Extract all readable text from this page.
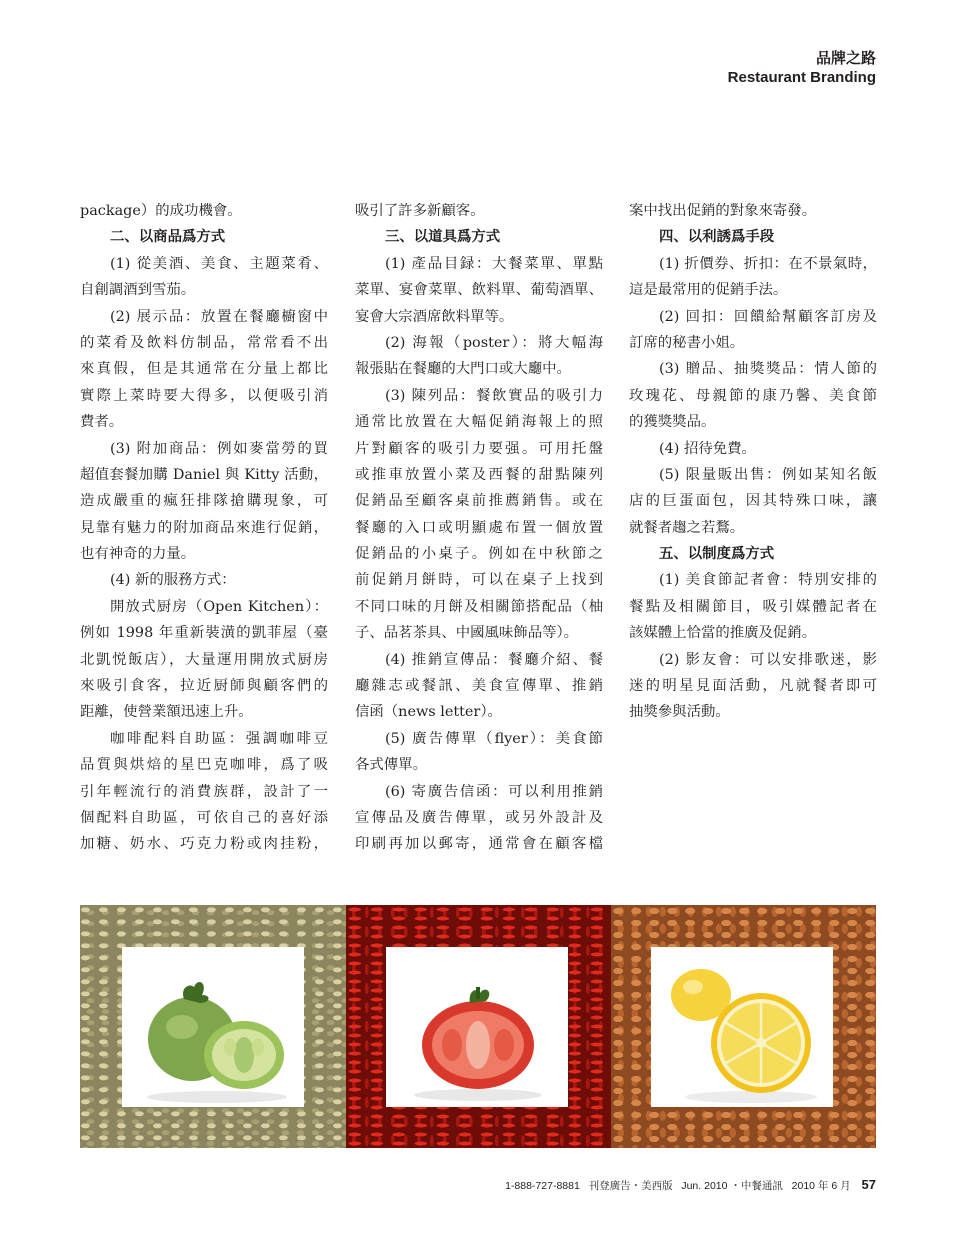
品牌之路
Restaurant Branding
package）的成功機會。
二、以商品爲方式
(1) 從美酒、美食、主題菜肴、
自創調酒到雪茄。
(2) 展示品：放置在餐廳櫥窗中
的菜肴及飲料仿制品，常常看不出
來真假，但是其通常在分量上都比
實際上菜時要大得多，以便吸引消
費者。
(3) 附加商品：例如麥當勞的買
超值套餐加購 Daniel 與 Kitty 活動，
造成嚴重的瘋狂排隊搶購現象，可
見靠有魅力的附加商品來進行促銷，
也有神奇的力量。
(4) 新的服務方式：
開放式厨房（Open Kitchen）：
例如 1998 年重新裝潢的凱菲屋（臺
北凱悦飯店），大量運用開放式厨房
來吸引食客，拉近厨師與顧客們的
距離，使營業額迅速上升。
咖啡配料自助區：强調咖啡豆
品質與烘焙的星巴克咖啡，爲了吸
引年輕流行的消費族群，設計了一
個配料自助區，可依自己的喜好添
加糖、奶水、巧克力粉或肉挂粉，
吸引了許多新顧客。
三、以道具爲方式
(1) 產品目録：大餐菜單、單點
菜單、宴會菜單、飲料單、葡萄酒單、
宴會大宗酒席飲料單等。
(2) 海報（poster）：將大幅海
報張貼在餐廳的大門口或大廳中。
(3) 陳列品：餐飲實品的吸引力
通常比放置在大幅促銷海報上的照
片對顧客的吸引力要强。可用托盤
或推車放置小菜及西餐的甜點陳列
促銷品至顧客桌前推薦銷售。或在
餐廳的入口或明顯處布置一個放置
促銷品的小桌子。例如在中秋節之
前促銷月餅時，可以在桌子上找到
不同口味的月餅及相關節搭配品（柚
子、品茗茶具、中國風味飾品等）。
(4) 推銷宣傳品：餐廳介紹、餐
廳雜志或餐訊、美食宣傳單、推銷
信函（news letter）。
(5) 廣告傳單（flyer）：美食節
各式傳單。
(6) 寄廣告信函：可以利用推銷
宣傳品及廣告傳單，或另外設計及
印刷再加以郵寄，通常會在顧客檔
案中找出促銷的對象來寄發。
四、以利誘爲手段
(1) 折價券、折扣：在不景氣時，
這是最常用的促銷手法。
(2) 回扣：回饋給幫顧客訂房及
訂席的秘書小姐。
(3) 贈品、抽獎獎品：情人節的
玫瑰花、母親節的康乃馨、美食節
的獲獎獎品。
(4) 招待免費。
(5) 限量販出售：例如某知名飯
店的巨蛋面包，因其特殊口味，讓
就餐者趨之若鶩。
五、以制度爲方式
(1) 美食節記者會：特別安排的
餐點及相關節目，吸引媒體記者在
該媒體上恰當的推廣及促銷。
(2) 影友會：可以安排歌迷，影
迷的明星見面活動，凡就餐者即可
抽獎參與活動。
1-888-727-8881 刊登廣告・美西版 Jun. 2010 ・中餐通訊 2010 年 6 月 57
